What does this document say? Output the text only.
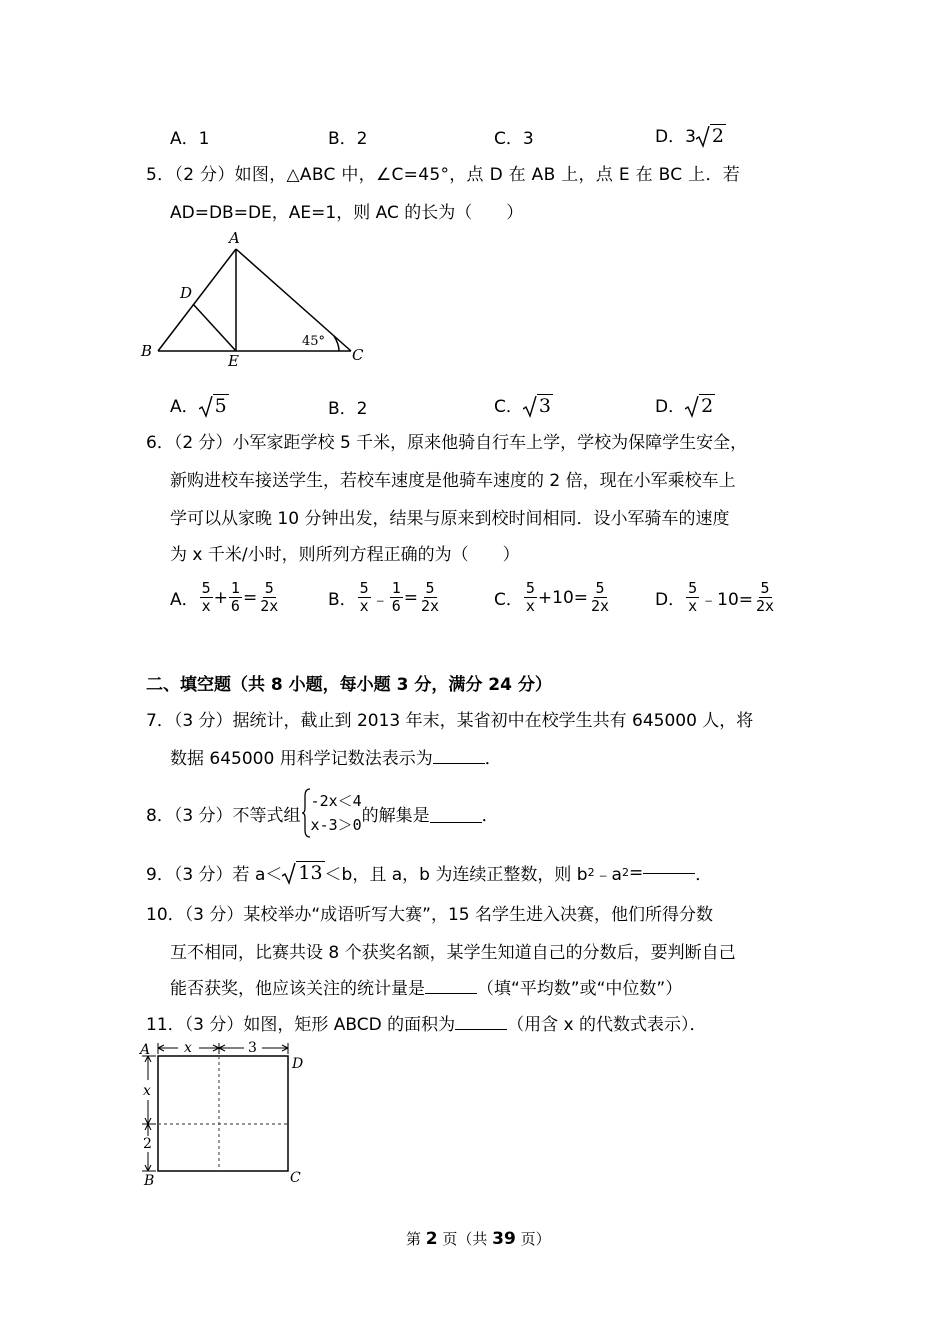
A．1	B．2	C．3	D．3 2
5．（2 分）如图，△ABC 中，∠C=45°，点 D 在 AB 上，点 E 在 BC 上．若
AD=DB=DE，AE=1，则 AC 的长为（　　）
A
D
B
E	C
45°
A． 5	B．2	C． 3	D． 2
6．（2 分）小军家距学校 5 千米，原来他骑自行车上学，学校为保障学生安全，
新购进校车接送学生，若校车速度是他骑车速度的 2 倍，现在小军乘校车上
学可以从家晚 10 分钟出发，结果与原来到校时间相同．设小军骑车的速度
为 x 千米/小时，则所列方程正确的为（　　）
A． $\frac{5}{x} + \frac{1}{6} = \frac{5}{2x}$	B． $\frac{5}{x}$ ﹣ $\frac{1}{6} = \frac{5}{2x}$	C． $\frac{5}{x} +10= \frac{5}{2x}$	D． $\frac{5}{x}$ ﹣10= $\frac{5}{2x}$
二、填空题（共 8 小题，每小题 3 分，满分 24 分）
7．（3 分）据统计，截止到 2013 年末，某省初中在校学生共有 645000 人，将
数据 645000 用科学记数法表示为	．
8．（3 分）不等式组
-2x＜4
x-3＞0 的解集是	．
9．（3 分）若 a＜ 13 ＜b，且 a，b 为连续正整数，则 b 2 ﹣a 2 =	．
10．（3 分）某校举办“成语听写大赛”，15 名学生进入决赛，他们所得分数
互不相同，比赛共设 8 个获奖名额，某学生知道自己的分数后，要判断自己
能否获奖，他应该关注的统计量是	（填“平均数”或“中位数”）
11．（3 分）如图，矩形 ABCD 的面积为	（用含 x 的代数式表示）．
A
D
B	C
x
x
3
2
第 2 页（共 39 页）
